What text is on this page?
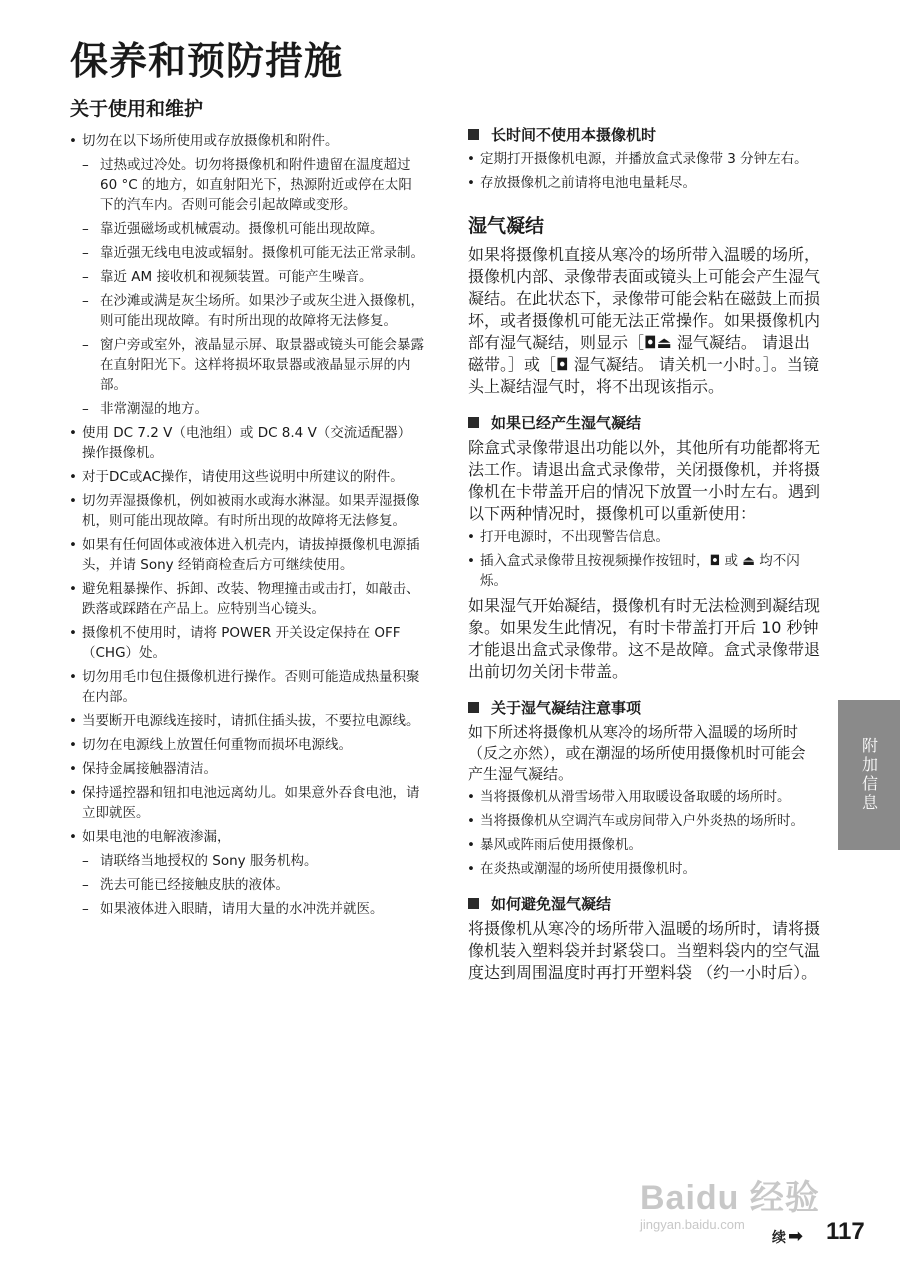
保养和预防措施
关于使用和维护
• 切勿在以下场所使用或存放摄像机和附件。
– 过热或过冷处。切勿将摄像机和附件遗留在温度超过 60 °C 的地方，如直射阳光下，热源附近或停在太阳下的汽车内。否则可能会引起故障或变形。
– 靠近强磁场或机械震动。摄像机可能出现故障。
– 靠近强无线电电波或辐射。摄像机可能无法正常录制。
– 靠近 AM 接收机和视频装置。可能产生噪音。
– 在沙滩或满是灰尘场所。如果沙子或灰尘进入摄像机，则可能出现故障。有时所出现的故障将无法修复。
– 窗户旁或室外，液晶显示屏、取景器或镜头可能会暴露在直射阳光下。这样将损坏取景器或液晶显示屏的内部。
– 非常潮湿的地方。
• 使用 DC 7.2 V（电池组）或 DC 8.4 V（交流适配器）操作摄像机。
• 对于DC或AC操作，请使用这些说明中所建议的附件。
• 切勿弄湿摄像机，例如被雨水或海水淋湿。如果弄湿摄像机，则可能出现故障。有时所出现的故障将无法修复。
• 如果有任何固体或液体进入机壳内，请拔掉摄像机电源插头，并请 Sony 经销商检查后方可继续使用。
• 避免粗暴操作、拆卸、改装、物理撞击或击打，如敲击、跌落或踩踏在产品上。应特别当心镜头。
• 摄像机不使用时，请将 POWER 开关设定保持在 OFF （CHG）处。
• 切勿用毛巾包住摄像机进行操作。否则可能造成热量积聚在内部。
• 当要断开电源线连接时，请抓住插头拔，不要拉电源线。
• 切勿在电源线上放置任何重物而损坏电源线。
• 保持金属接触器清洁。
• 保持遥控器和钮扣电池远离幼儿。如果意外吞食电池，请立即就医。
• 如果电池的电解液渗漏，
– 请联络当地授权的 Sony 服务机构。
– 洗去可能已经接触皮肤的液体。
– 如果液体进入眼睛，请用大量的水冲洗并就医。
长时间不使用本摄像机时
• 定期打开摄像机电源，并播放盒式录像带 3 分钟左右。
• 存放摄像机之前请将电池电量耗尽。
湿气凝结

如果将摄像机直接从寒冷的场所带入温暖的场所，摄像机内部、录像带表面或镜头上可能会产生湿气凝结。在此状态下，录像带可能会粘在磁鼓上而损坏，或者摄像机可能无法正常操作。如果摄像机内部有湿气凝结，则显示［◘⏏ 湿气凝结。 请退出磁带。］或［◘ 湿气凝结。 请关机一小时。］。当镜头上凝结湿气时，将不出现该指示。

如果已经产生湿气凝结

除盒式录像带退出功能以外，其他所有功能都将无法工作。请退出盒式录像带，关闭摄像机，并将摄像机在卡带盖开启的情况下放置一小时左右。遇到以下两种情况时，摄像机可以重新使用：

• 打开电源时，不出现警告信息。
• 插入盒式录像带且按视频操作按钮时，◘ 或 ⏏ 均不闪烁。

如果湿气开始凝结，摄像机有时无法检测到凝结现象。如果发生此情况，有时卡带盖打开后 10 秒钟才能退出盒式录像带。这不是故障。盒式录像带退出前切勿关闭卡带盖。

关于湿气凝结注意事项

如下所述将摄像机从寒冷的场所带入温暖的场所时 （反之亦然），或在潮湿的场所使用摄像机时可能会产生湿气凝结。

• 当将摄像机从滑雪场带入用取暖设备取暖的场所时。
• 当将摄像机从空调汽车或房间带入户外炎热的场所时。
• 暴风或阵雨后使用摄像机。
• 在炎热或潮湿的场所使用摄像机时。
如何避免湿气凝结

将摄像机从寒冷的场所带入温暖的场所时，请将摄像机装入塑料袋并封紧袋口。当塑料袋内的空气温度达到周围温度时再打开塑料袋 （约一小时后）。

附加信息
Baidu 经验
jingyan.baidu.com
续 ➡ 117
